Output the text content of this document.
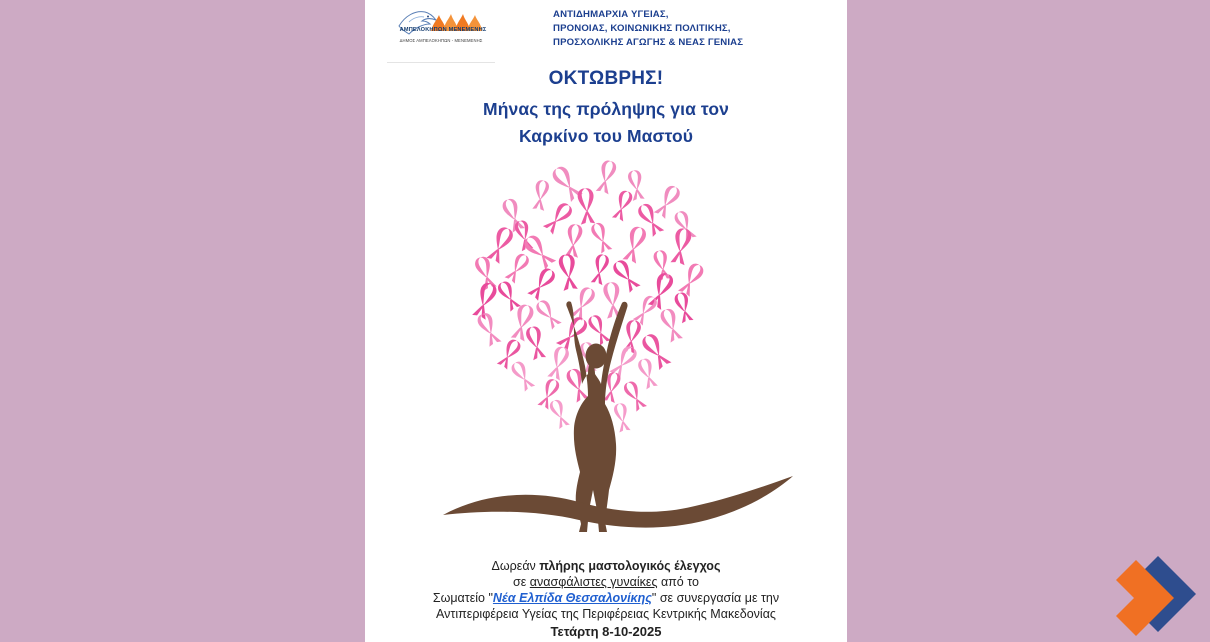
ΑΜΠΕΛΟΚΗΠΩΝ ΜΕΝΕΜΕΝΗΣ
ΔΗΜΟΣ ΑΜΠΕΛΟΚΗΠΩΝ - ΜΕΝΕΜΕΝΗΣ
ΑΝΤΙΔΗΜΑΡΧΙΑ ΥΓΕΙΑΣ,
ΠΡΟΝΟΙΑΣ, ΚΟΙΝΩΝΙΚΗΣ ΠΟΛΙΤΙΚΗΣ,
ΠΡΟΣΧΟΛΙΚΗΣ ΑΓΩΓΗΣ & ΝΕΑΣ ΓΕΝΙΑΣ
ΟΚΤΩΒΡΗΣ!
Μήνας της πρόληψης για τον
Καρκίνο του Μαστού
Δωρεάν πλήρης μαστολογικός έλεγχος
σε ανασφάλιστες γυναίκες από το
Σωματείο "Νέα Ελπίδα Θεσσαλονίκης" σε συνεργασία με την
Αντιπεριφέρεια Υγείας της Περιφέρειας Κεντρικής Μακεδονίας
Τετάρτη 8-10-2025
